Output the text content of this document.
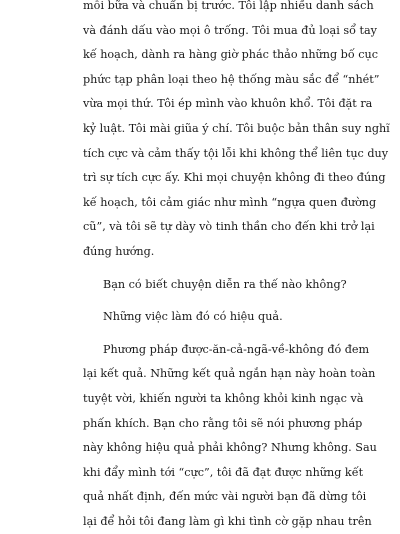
mỗi bữa và chuẩn bị trước. Tôi lập nhiều danh sách
và đánh dấu vào mọi ô trống. Tôi mua đủ loại sổ tay
kế hoạch, dành ra hàng giờ phác thảo những bố cục
phức tạp phân loại theo hệ thống màu sắc để “nhét”
vừa mọi thứ. Tôi ép mình vào khuôn khổ. Tôi đặt ra
kỷ luật. Tôi mài giũa ý chí. Tôi buộc bản thân suy nghĩ
tích cực và cảm thấy tội lỗi khi không thể liên tục duy
trì sự tích cực ấy. Khi mọi chuyện không đi theo đúng
kế hoạch, tôi cảm giác như mình “ngựa quen đường
cũ”, và tôi sẽ tự dày vò tinh thần cho đến khi trở lại
đúng hướng.
Bạn có biết chuyện diễn ra thế nào không?
Những việc làm đó có hiệu quả.
Phương pháp được-ăn-cả-ngã-về-không đó đem
lại kết quả. Những kết quả ngắn hạn này hoàn toàn
tuyệt vời, khiến người ta không khỏi kinh ngạc và
phấn khích. Bạn cho rằng tôi sẽ nói phương pháp
này không hiệu quả phải không? Nhưng không. Sau
khi đẩy mình tới “cực”, tôi đã đạt được những kết
quả nhất định, đến mức vài người bạn đã dừng tôi
lại để hỏi tôi đang làm gì khi tình cờ gặp nhau trên
